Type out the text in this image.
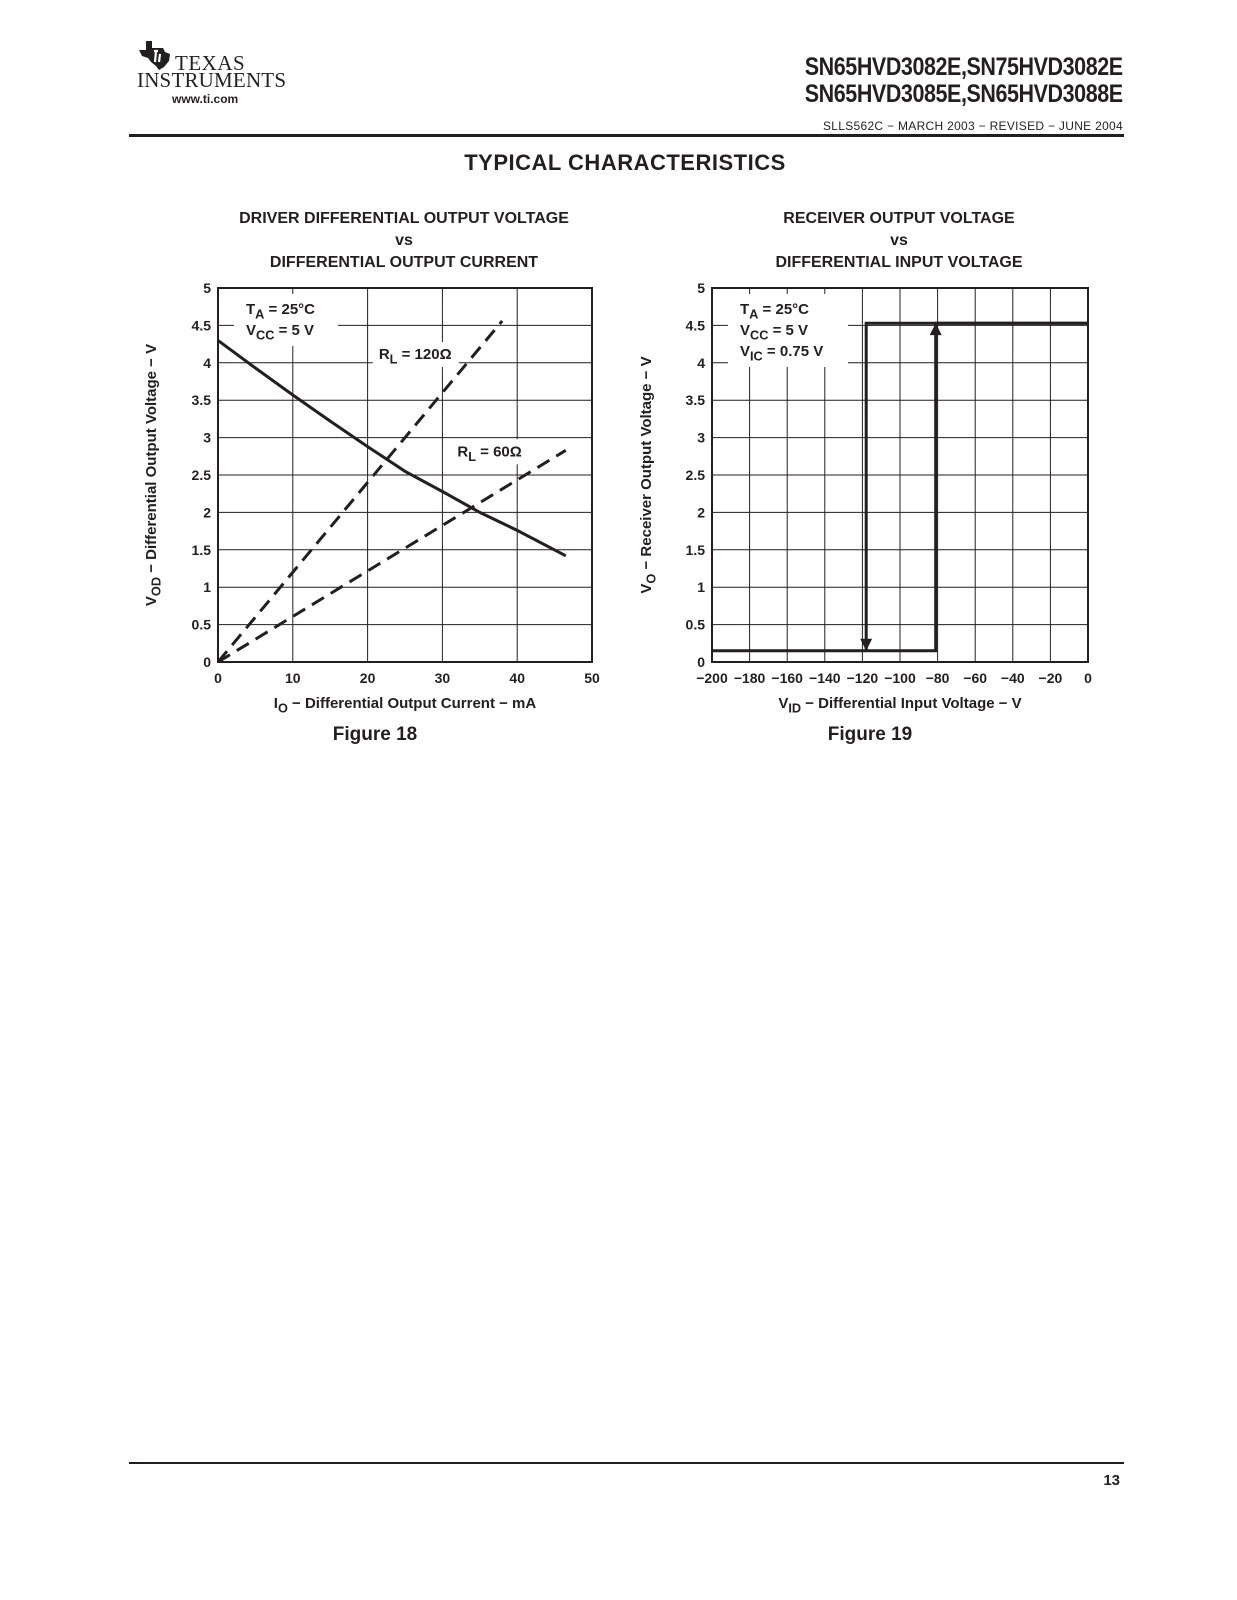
TEXAS
INSTRUMENTS
www.ti.com
SN65HVD3082E,SN75HVD3082E
SN65HVD3085E,SN65HVD3088E
SLLS562C − MARCH 2003 − REVISED − JUNE 2004
TYPICAL CHARACTERISTICS
DRIVER DIFFERENTIAL OUTPUT VOLTAGE
vs
DIFFERENTIAL OUTPUT CURRENT
$T_A = 25^\circ C$
$V_{CC} = 5$ V
0	10	20	30	40	50
0
0.5
1
1.5
2
2.5
3
3.5
4
4.5
5
$I_O$ − Differential Output Current − mA
$V_{OD}$ − Differential Output Voltage − V	$R_L = 120\Omega$
$R_L = 60\Omega$
Figure 18
RECEIVER OUTPUT VOLTAGE
vs
DIFFERENTIAL INPUT VOLTAGE
$T_A = 25^\circ C$
$V_{CC} = 5$ V
$V_{IC} = 0.75$ V
−200 −180 −160 −140 −120 −100 −80 −60 −40 −20 0
0
0.5
1
1.5
2
2.5
3
3.5
4
4.5
5
$V_{ID}$ − Differential Input Voltage − V
$V_O$ − Receiver Output Voltage − V
Figure 19
13
